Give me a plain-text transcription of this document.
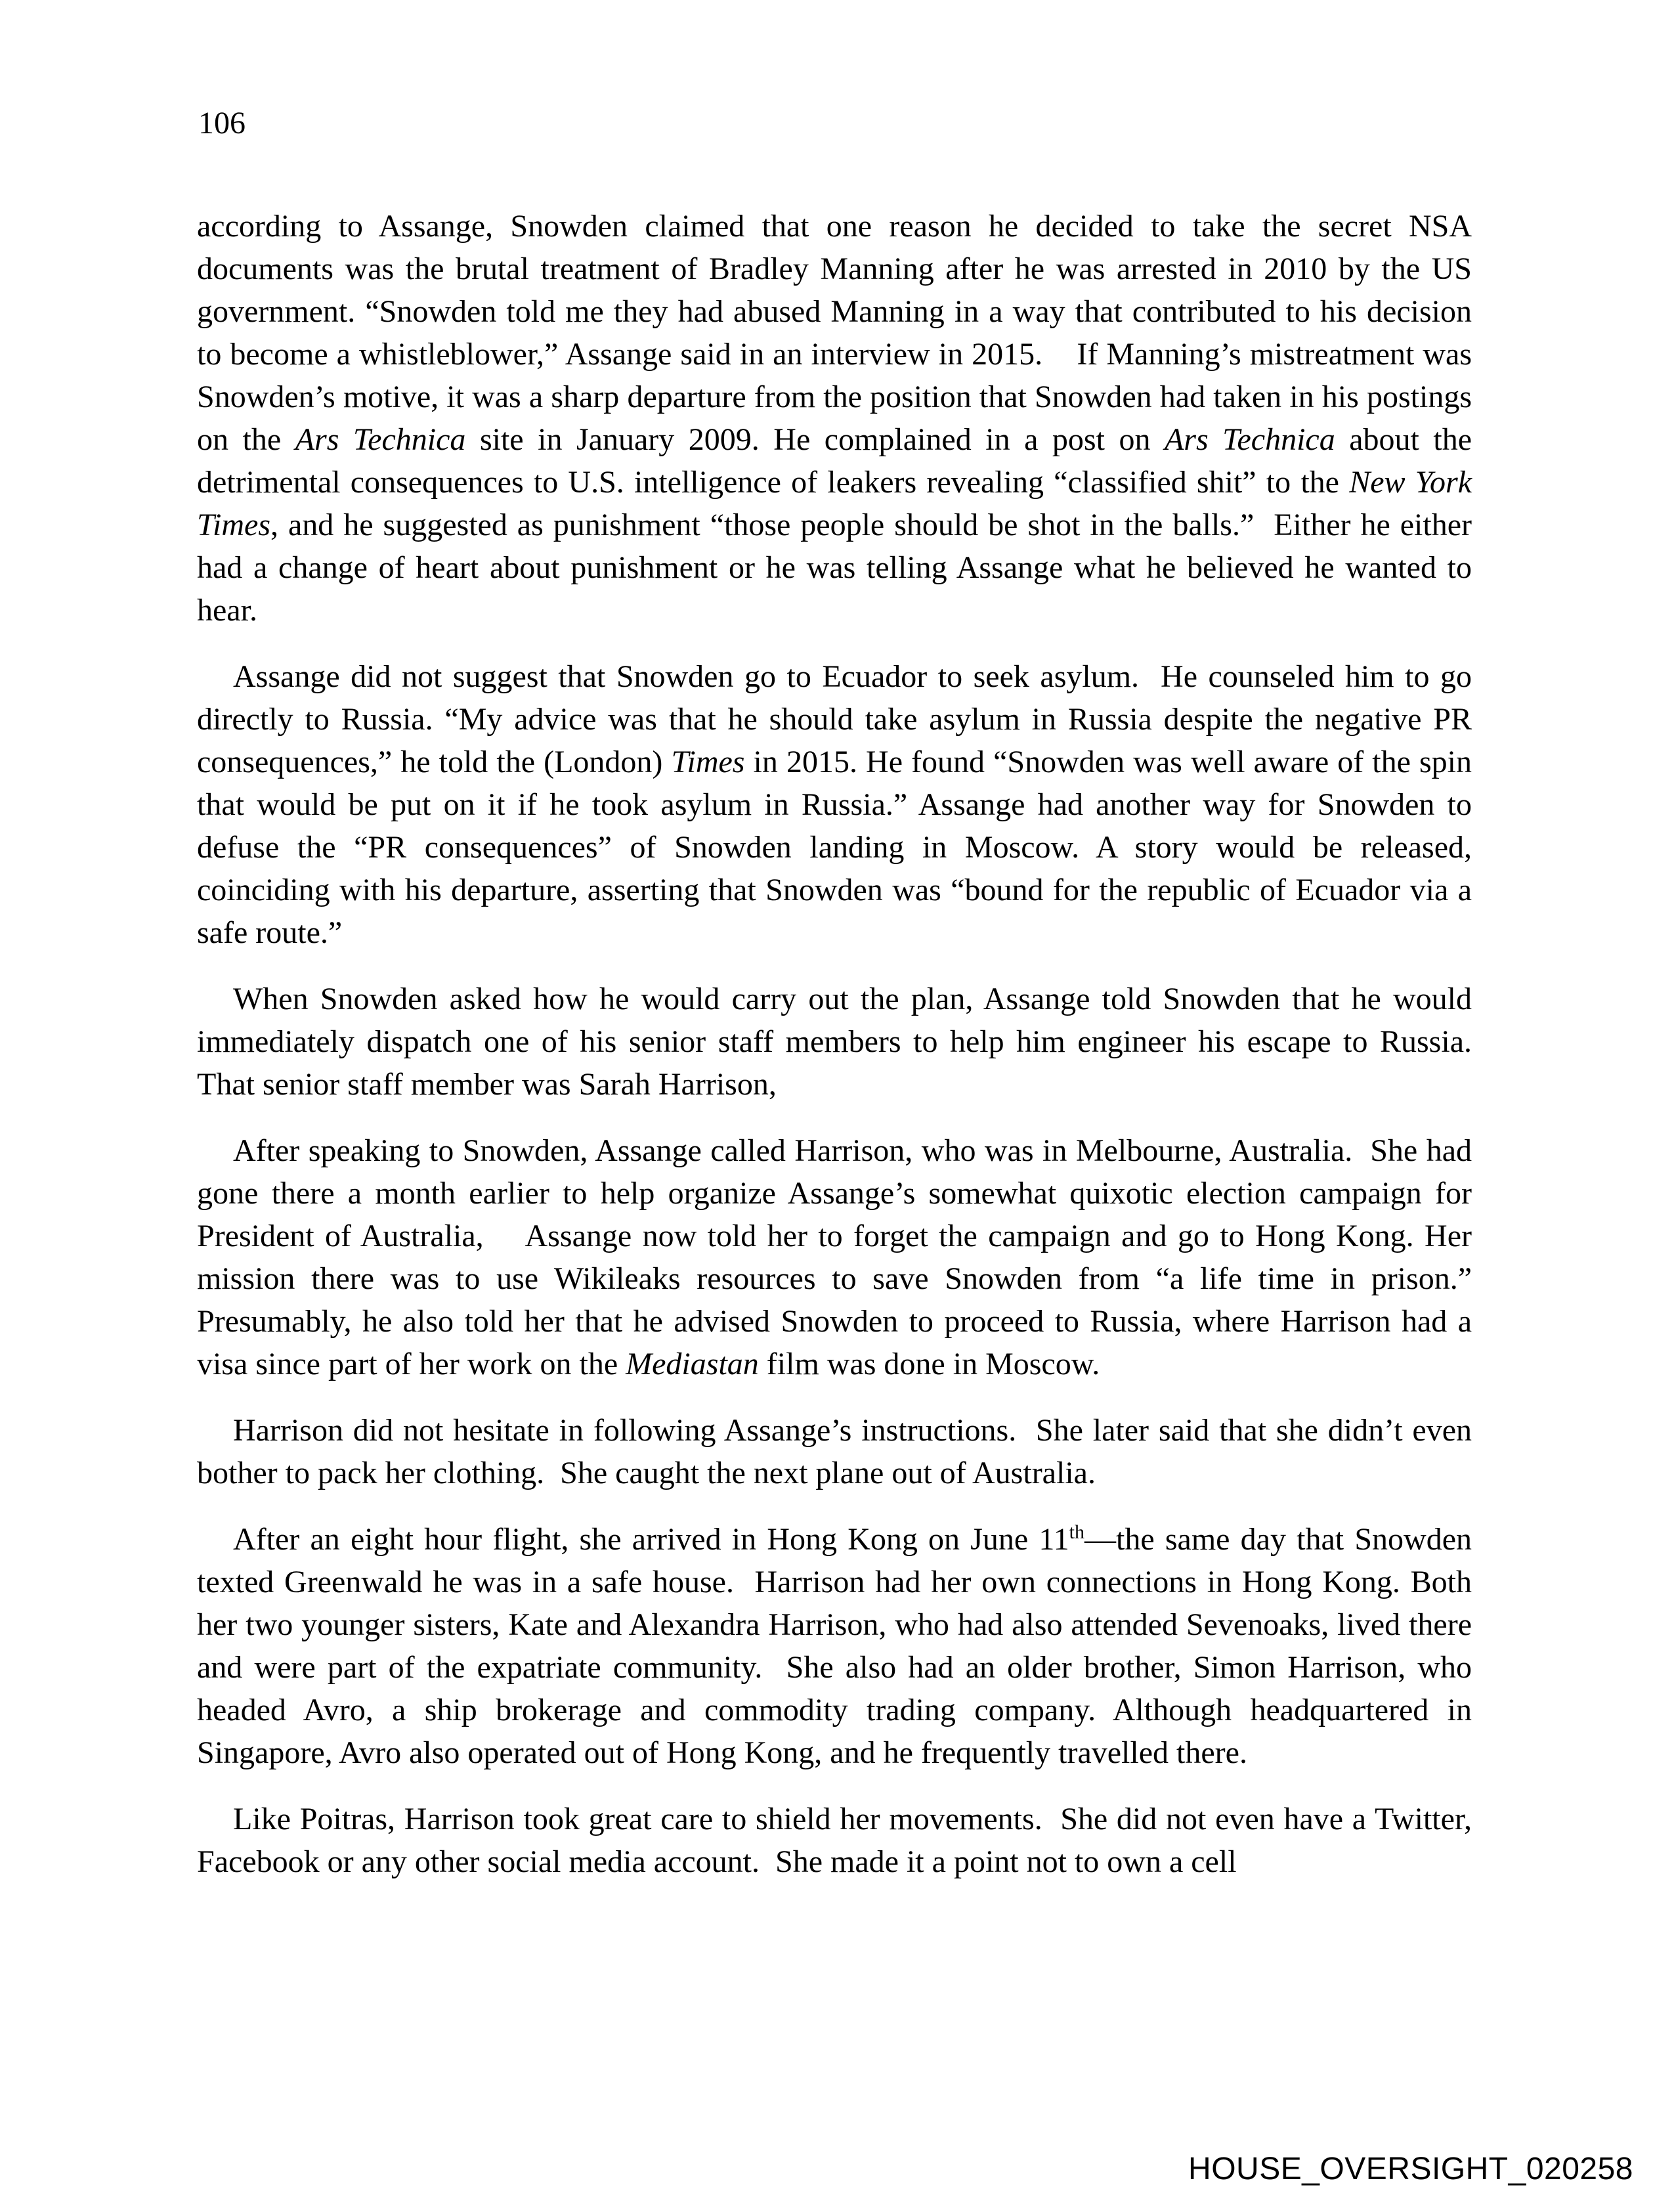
106

according to Assange, Snowden claimed that one reason he decided to take the secret NSA documents was the brutal treatment of Bradley Manning after he was arrested in 2010 by the US government. “Snowden told me they had abused Manning in a way that contributed to his decision to become a whistleblower,” Assange said in an interview in 2015.    If Manning’s mistreatment was Snowden’s motive, it was a sharp departure from the position that Snowden had taken in his postings on the Ars Technica site in January 2009. He complained in a post on Ars Technica about the detrimental consequences to U.S. intelligence of leakers revealing “classified shit” to the New York Times, and he suggested as punishment “those people should be shot in the balls.”  Either he either had a change of heart about punishment or he was telling Assange what he believed he wanted to hear.

Assange did not suggest that Snowden go to Ecuador to seek asylum.  He counseled him to go directly to Russia. “My advice was that he should take asylum in Russia despite the negative PR consequences,” he told the (London) Times in 2015. He found “Snowden was well aware of the spin that would be put on it if he took asylum in Russia.” Assange had another way for Snowden to defuse the “PR consequences” of Snowden landing in Moscow. A story would be released, coinciding with his departure, asserting that Snowden was “bound for the republic of Ecuador via a safe route.”

When Snowden asked how he would carry out the plan, Assange told Snowden that he would immediately dispatch one of his senior staff members to help him engineer his escape to Russia. That senior staff member was Sarah Harrison,

After speaking to Snowden, Assange called Harrison, who was in Melbourne, Australia.  She had gone there a month earlier to help organize Assange’s somewhat quixotic election campaign for President of Australia,    Assange now told her to forget the campaign and go to Hong Kong. Her mission there was to use Wikileaks resources to save Snowden from “a life time in prison.” Presumably, he also told her that he advised Snowden to proceed to Russia, where Harrison had a visa since part of her work on the Mediastan film was done in Moscow.

Harrison did not hesitate in following Assange’s instructions.  She later said that she didn’t even bother to pack her clothing.  She caught the next plane out of Australia.

After an eight hour flight, she arrived in Hong Kong on June 11th—the same day that Snowden texted Greenwald he was in a safe house.  Harrison had her own connections in Hong Kong. Both her two younger sisters, Kate and Alexandra Harrison, who had also attended Sevenoaks, lived there and were part of the expatriate community.  She also had an older brother, Simon Harrison, who headed Avro, a ship brokerage and commodity trading company. Although headquartered in Singapore, Avro also operated out of Hong Kong, and he frequently travelled there.

Like Poitras, Harrison took great care to shield her movements.  She did not even have a Twitter, Facebook or any other social media account.  She made it a point not to own a cell

HOUSE_OVERSIGHT_020258
